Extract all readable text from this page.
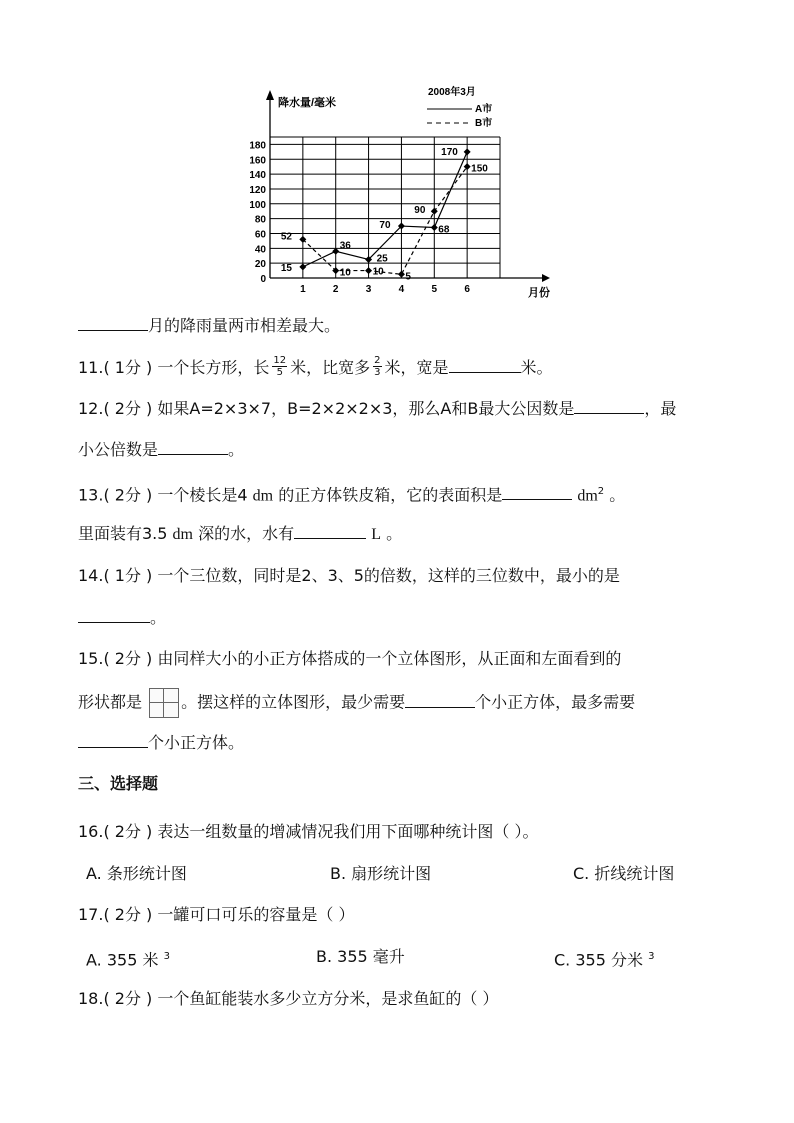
0
20
40
60
80
100
120
140
160
180
1	2	3	4	5	6
降水量/毫米
月份
2008年3月
A市
B市
15
36
25
70	68
170
52
10 10 5
90
150
月的降雨量两市相差最大。
11.( 1分 ) 一个长方形，长 $\frac{12}{5}$ 米，比宽多 $\frac{2}{3}$ 米，宽是	米。
12.( 2分 ) 如果A=2×3×7，B=2×2×2×3，那么A和B最大公因数是	，最
小公倍数是	。
13.( 2分 ) 一个棱长是4 dm 的正方体铁皮箱，它的表面积是	$dm^2$ 。
里面装有3.5 dm 深的水，水有	L 。
14.( 1分 ) 一个三位数，同时是2、3、5的倍数，这样的三位数中，最小的是
。
15.( 2分 ) 由同样大小的小正方体搭成的一个立体图形，从正面和左面看到的
形状都是 。摆这样的立体图形，最少需要	个小正方体，最多需要
个小正方体。
三、选择题
16.( 2分 ) 表达一组数量的增减情况我们用下面哪种统计图（ ）。
A. 条形统计图	B. 扇形统计图	C. 折线统计图
17.( 2分 ) 一罐可口可乐的容量是（ ）
A. 355 米 $^3$	B. 355 毫升	C. 355 分米 $^3$
18.( 2分 ) 一个鱼缸能装水多少立方分米，是求鱼缸的（ ）
